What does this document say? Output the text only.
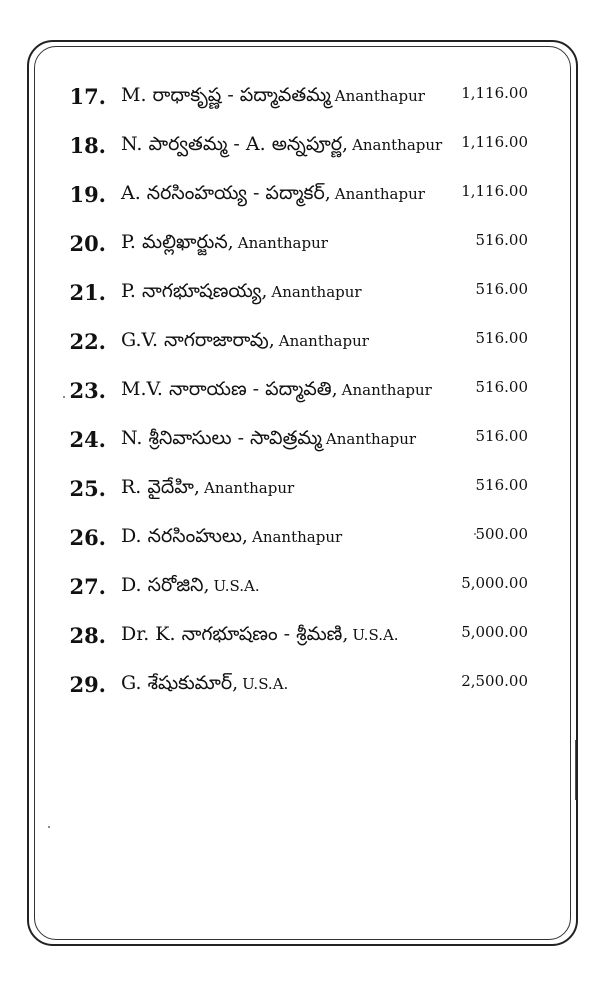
17. M. రాధాకృష్ణ - పద్మావతమ్మ Ananthapur 1,116.00
18. N. పార్వతమ్మ - A. అన్నపూర్ణ, Ananthapur 1,116.00
19. A. నరసింహయ్య - పద్మాకర్, Ananthapur 1,116.00
20. P. మల్లిఖార్జున, Ananthapur	516.00
21. P. నాగభూషణయ్య, Ananthapur	516.00
22. G.V. నాగరాజారావు, Ananthapur	516.00
23. M.V. నారాయణ - పద్మావతి, Ananthapur	516.00
24. N. శ్రీనివాసులు - సావిత్రమ్మ Ananthapur	516.00
25. R. వైదేహి, Ananthapur	516.00
26. D. నరసింహులు, Ananthapur	500.00
27. D. సరోజిని, U.S.A.	5,000.00
28. Dr. K. నాగభూషణం - శ్రీమణి, U.S.A.	5,000.00
29. G. శేషుకుమార్, U.S.A.	2,500.00
